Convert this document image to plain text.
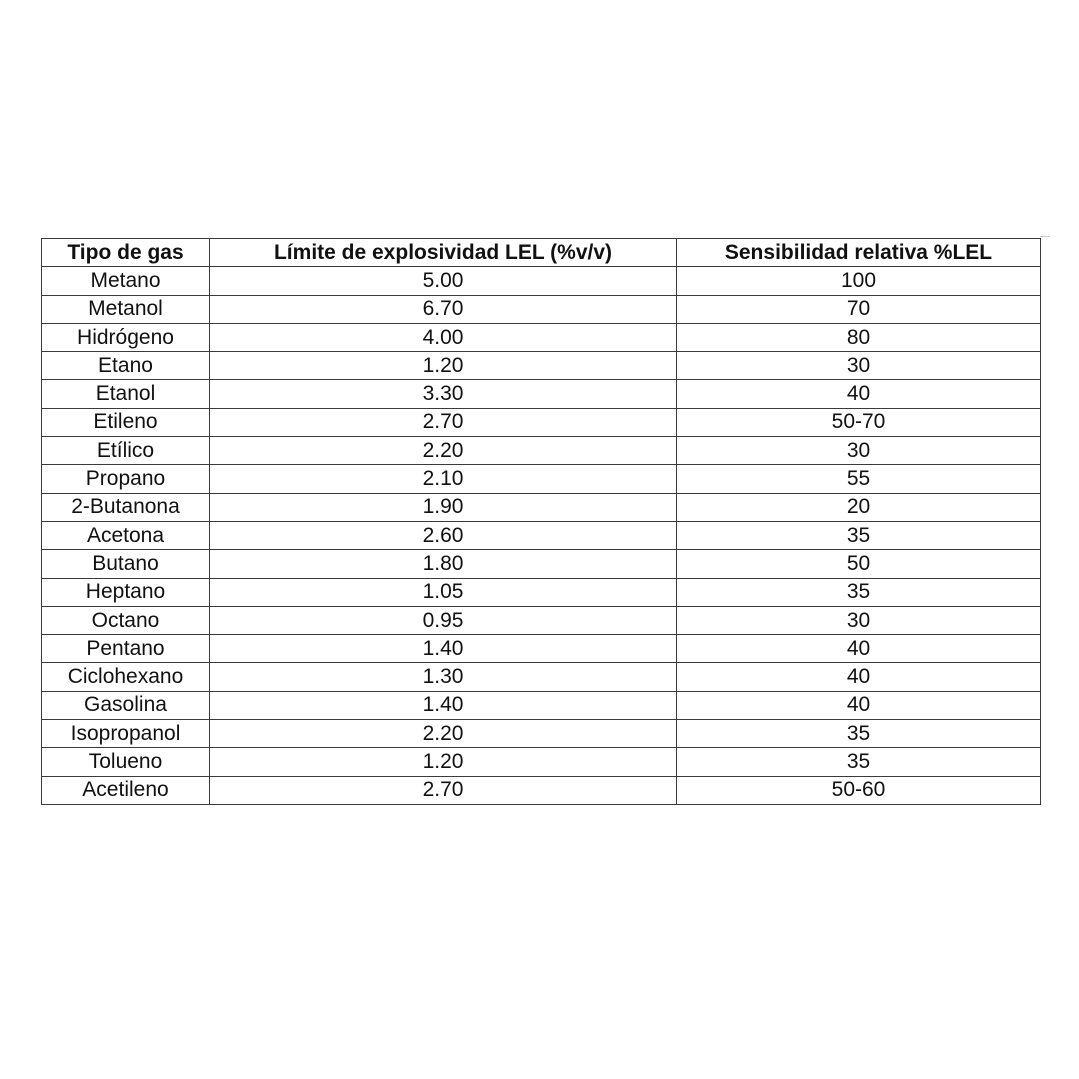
Tipo de gas	Límite de explosividad LEL (%v/v)	Sensibilidad relativa %LEL
Metano	5.00	100
Metanol	6.70	70
Hidrógeno	4.00	80
Etano	1.20	30
Etanol	3.30	40
Etileno	2.70	50-70
Etílico	2.20	30
Propano	2.10	55
2-Butanona	1.90	20
Acetona	2.60	35
Butano	1.80	50
Heptano	1.05	35
Octano	0.95	30
Pentano	1.40	40
Ciclohexano	1.30	40
Gasolina	1.40	40
Isopropanol	2.20	35
Tolueno	1.20	35
Acetileno	2.70	50-60
